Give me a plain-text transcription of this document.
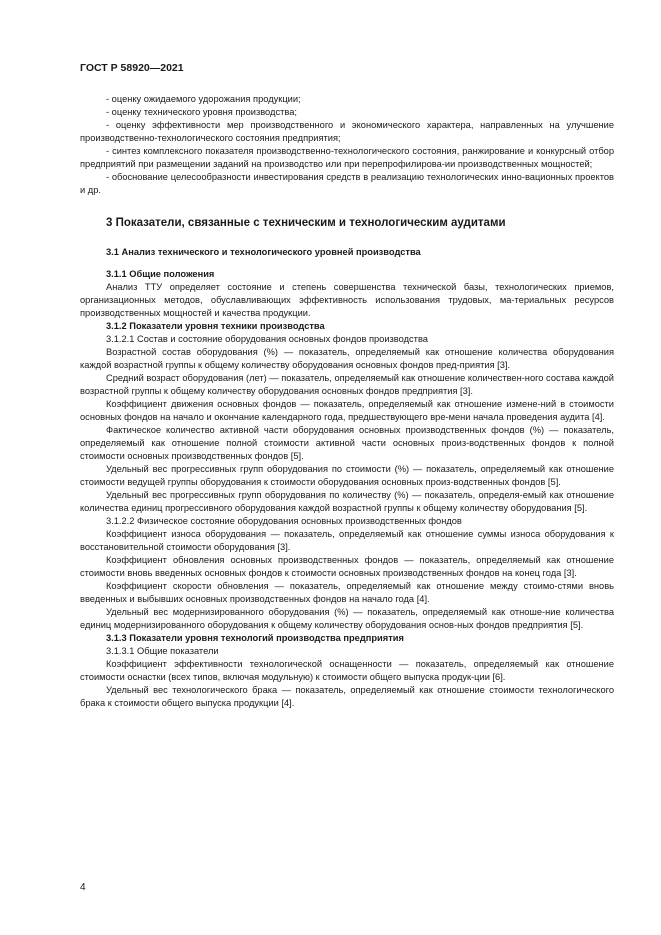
ГОСТ Р 58920—2021

- оценку ожидаемого удорожания продукции;

- оценку технического уровня производства;

- оценку эффективности мер производственного и экономического характера, направленных на улучшение производственно-технологического состояния предприятия;

- синтез комплексного показателя производственно-технологического состояния, ранжирование и конкурсный отбор предприятий при размещении заданий на производство или при перепрофилирова-ии производственных мощностей;

- обоснование целесообразности инвестирования средств в реализацию технологических инно-вационных проектов и др.

3 Показатели, связанные с техническим и технологическим аудитами
3.1 Анализ технического и технологического уровней производства
3.1.1 Общие положения

Анализ ТТУ определяет состояние и степень совершенства технической базы, технологических приемов, организационных методов, обуславливающих эффективность использования трудовых, ма-териальных ресурсов производственных мощностей и качества продукции.

3.1.2 Показатели уровня техники производства
3.1.2.1 Состав и состояние оборудования основных фондов производства

Возрастной состав оборудования (%) — показатель, определяемый как отношение количества оборудования каждой возрастной группы к общему количеству оборудования основных фондов пред-приятия [3].

Средний возраст оборудования (лет) — показатель, определяемый как отношение количествен-ного состава каждой возрастной группы к общему количеству оборудования основных фондов предприятия [3].

Коэффициент движения основных фондов — показатель, определяемый как отношение измене-ний в стоимости основных фондов на начало и окончание календарного года, предшествующего вре-мени начала проведения аудита [4].

Фактическое количество активной части оборудования основных производственных фондов (%) — показатель, определяемый как отношение полной стоимости активной части основных произ-водственных фондов к полной стоимости основных производственных фондов [5].

Удельный вес прогрессивных групп оборудования по стоимости (%) — показатель, определяемый как отношение стоимости ведущей группы оборудования к стоимости оборудования основных произ-водственных фондов [5].

Удельный вес прогрессивных групп оборудования по количеству (%) — показатель, определя-емый как отношение количества единиц прогрессивного оборудования каждой возрастной группы к общему количеству оборудования [5].

3.1.2.2 Физическое состояние оборудования основных производственных фондов

Коэффициент износа оборудования — показатель, определяемый как отношение суммы износа оборудования к восстановительной стоимости оборудования [3].

Коэффициент обновления основных производственных фондов — показатель, определяемый как отношение стоимости вновь введенных основных фондов к стоимости основных производственных фондов на конец года [3].

Коэффициент скорости обновления — показатель, определяемый как отношение между стоимо-стями вновь введенных и выбывших основных производственных фондов на начало года [4].

Удельный вес модернизированного оборудования (%) — показатель, определяемый как отноше-ние количества единиц модернизированного оборудования к общему количеству оборудования основ-ных фондов предприятия [5].

3.1.3 Показатели уровня технологий производства предприятия
3.1.3.1 Общие показатели

Коэффициент эффективности технологической оснащенности — показатель, определяемый как отношение стоимости оснастки (всех типов, включая модульную) к стоимости общего выпуска продук-ции [6].

Удельный вес технологического брака — показатель, определяемый как отношение стоимости технологического брака к стоимости общего выпуска продукции [4].

4
